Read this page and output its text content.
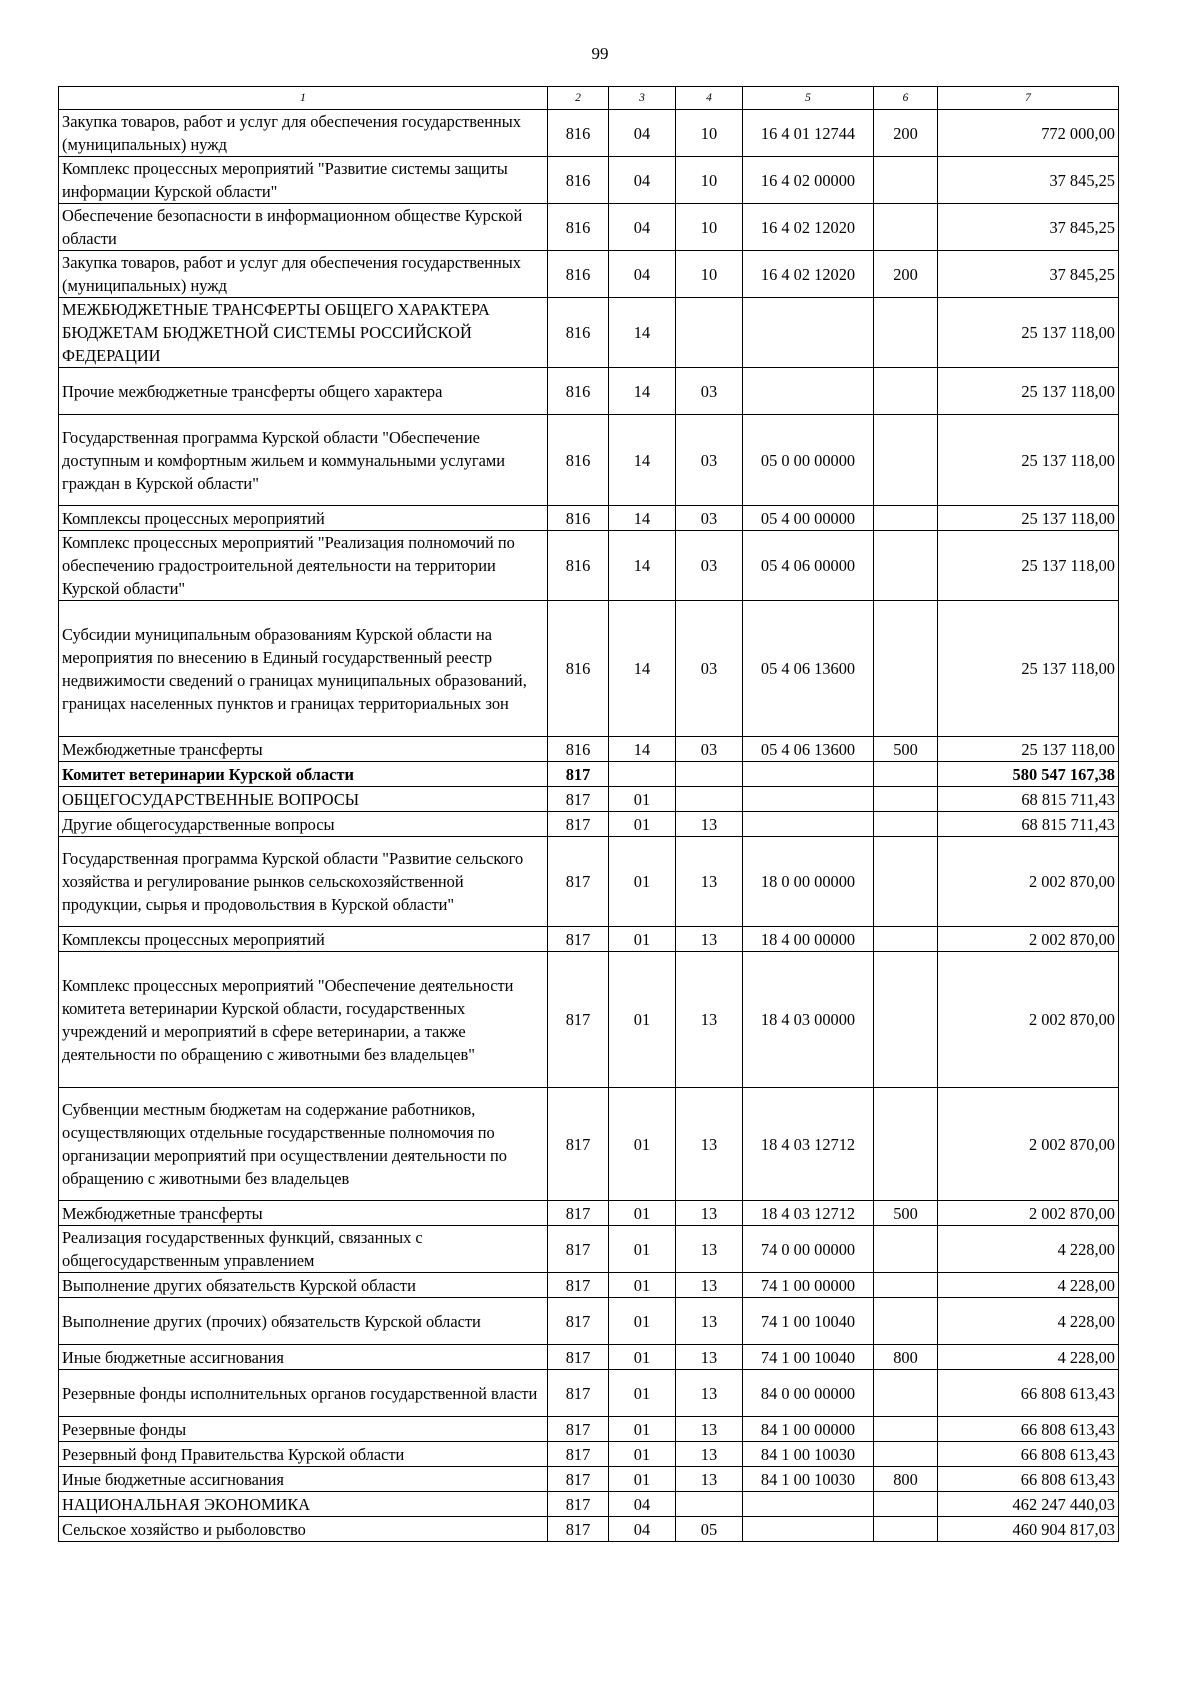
99
1	2	3	4	5	6	7
Закупка товаров, работ и услуг для обеспечения государственных (муниципальных) нужд	816	04	10	16 4 01 12744	200	772 000,00
Комплекс процессных мероприятий "Развитие системы защиты информации Курской области"	816	04	10	16 4 02 00000		37 845,25
Обеспечение безопасности в информационном обществе Курской области	816	04	10	16 4 02 12020		37 845,25
Закупка товаров, работ и услуг для обеспечения государственных (муниципальных) нужд	816	04	10	16 4 02 12020	200	37 845,25
МЕЖБЮДЖЕТНЫЕ ТРАНСФЕРТЫ ОБЩЕГО ХАРАКТЕРА БЮДЖЕТАМ БЮДЖЕТНОЙ СИСТЕМЫ РОССИЙСКОЙ ФЕДЕРАЦИИ	816	14				25 137 118,00
Прочие межбюджетные трансферты общего характера	816	14	03			25 137 118,00
Государственная программа Курской области "Обеспечение доступным и комфортным жильем и коммунальными услугами граждан в Курской области"	816	14	03	05 0 00 00000		25 137 118,00
Комплексы процессных мероприятий	816	14	03	05 4 00 00000		25 137 118,00
Комплекс процессных мероприятий "Реализация полномочий по обеспечению градостроительной деятельности на территории Курской области"	816	14	03	05 4 06 00000		25 137 118,00
Субсидии муниципальным образованиям Курской области на мероприятия по внесению в Единый государственный реестр недвижимости сведений о границах муниципальных образований, границах населенных пунктов и границах территориальных зон	816	14	03	05 4 06 13600		25 137 118,00
Межбюджетные трансферты	816	14	03	05 4 06 13600	500	25 137 118,00
Комитет ветеринарии Курской области	817					580 547 167,38
ОБЩЕГОСУДАРСТВЕННЫЕ ВОПРОСЫ	817	01				68 815 711,43
Другие общегосударственные вопросы	817	01	13			68 815 711,43
Государственная программа Курской области "Развитие сельского хозяйства и регулирование рынков сельскохозяйственной продукции, сырья и продовольствия в Курской области"	817	01	13	18 0 00 00000		2 002 870,00
Комплексы процессных мероприятий	817	01	13	18 4 00 00000		2 002 870,00
Комплекс процессных мероприятий "Обеспечение деятельности комитета ветеринарии Курской области, государственных учреждений и мероприятий в сфере ветеринарии, а также деятельности по обращению с животными без владельцев"	817	01	13	18 4 03 00000		2 002 870,00
Субвенции местным бюджетам на содержание работников, осуществляющих отдельные государственные полномочия по организации мероприятий при осуществлении деятельности по обращению с животными без владельцев	817	01	13	18 4 03 12712		2 002 870,00
Межбюджетные трансферты	817	01	13	18 4 03 12712	500	2 002 870,00
Реализация государственных функций, связанных с общегосударственным управлением	817	01	13	74 0 00 00000		4 228,00
Выполнение других обязательств Курской области	817	01	13	74 1 00 00000		4 228,00
Выполнение других (прочих) обязательств Курской области	817	01	13	74 1 00 10040		4 228,00
Иные бюджетные ассигнования	817	01	13	74 1 00 10040	800	4 228,00
Резервные фонды исполнительных органов государственной власти	817	01	13	84 0 00 00000		66 808 613,43
Резервные фонды	817	01	13	84 1 00 00000		66 808 613,43
Резервный фонд Правительства Курской области	817	01	13	84 1 00 10030		66 808 613,43
Иные бюджетные ассигнования	817	01	13	84 1 00 10030	800	66 808 613,43
НАЦИОНАЛЬНАЯ ЭКОНОМИКА	817	04				462 247 440,03
Сельское хозяйство и рыболовство	817	04	05			460 904 817,03
